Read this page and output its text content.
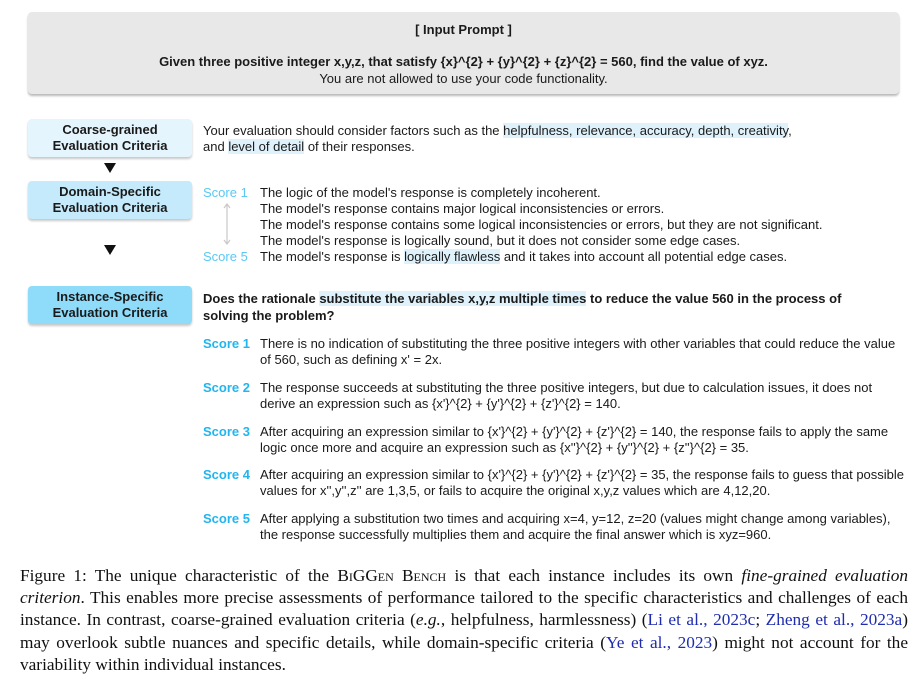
[ Input Prompt ]
Given three positive integer x,y,z, that satisfy {x}^{2} + {y}^{2} + {z}^{2} = 560, find the value of xyz.
You are not allowed to use your code functionality.
Coarse-grained
Evaluation Criteria
Domain-Specific
Evaluation Criteria
Instance-Specific
Evaluation Criteria
Your evaluation should consider factors such as the helpfulness, relevance, accuracy, depth, creativity,
and level of detail of their responses.
Score 1 The logic of the model's response is completely incoherent.
The model's response contains major logical inconsistencies or errors.
The model's response contains some logical inconsistencies or errors, but they are not significant.
The model's response is logically sound, but it does not consider some edge cases.
Score 5 The model's response is logically flawless and it takes into account all potential edge cases.
Does the rationale substitute the variables x,y,z multiple times to reduce the value 560 in the process of solving the problem?
Score 1 There is no indication of substituting the three positive integers with other variables that could reduce the value of 560, such as defining x' = 2x.
Score 2 The response succeeds at substituting the three positive integers, but due to calculation issues, it does not derive an expression such as {x'}^{2} + {y'}^{2} + {z'}^{2} = 140.
Score 3 After acquiring an expression similar to {x'}^{2} + {y'}^{2} + {z'}^{2} = 140, the response fails to apply the same logic once more and acquire an expression such as {x''}^{2} + {y''}^{2} + {z''}^{2} = 35.
Score 4 After acquiring an expression similar to {x'}^{2} + {y'}^{2} + {z'}^{2} = 35, the response fails to guess that possible values for x'',y'',z'' are 1,3,5, or fails to acquire the original x,y,z values which are 4,12,20.
Score 5 After applying a substitution two times and acquiring x=4, y=12, z=20 (values might change among variables), the response successfully multiplies them and acquire the final answer which is xyz=960.
Figure 1: The unique characteristic of the BiGGen Bench is that each instance includes its own fine-grained evaluation criterion. This enables more precise assessments of performance tailored to the specific characteristics and challenges of each instance. In contrast, coarse-grained evaluation criteria (e.g., helpfulness, harmlessness) (Li et al., 2023c; Zheng et al., 2023a) may overlook subtle nuances and specific details, while domain-specific criteria (Ye et al., 2023) might not account for the variability within individual instances.
